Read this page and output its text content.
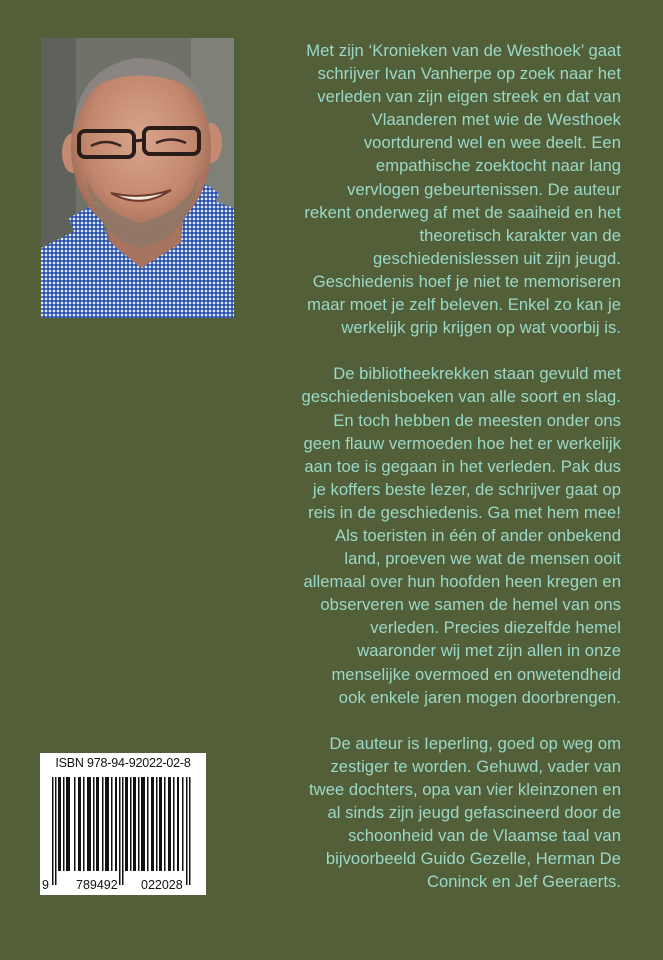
Met zijn ‘Kronieken van de Westhoek’ gaat
schrijver Ivan Vanherpe op zoek naar het
verleden van zijn eigen streek en dat van
Vlaanderen met wie de Westhoek
voortdurend wel en wee deelt. Een
empathische zoektocht naar lang
vervlogen gebeurtenissen. De auteur
rekent onderweg af met de saaiheid en het
theoretisch karakter van de
geschiedenislessen uit zijn jeugd.
Geschiedenis hoef je niet te memoriseren
maar moet je zelf beleven. Enkel zo kan je
werkelijk grip krijgen op wat voorbij is.

De bibliotheekrekken staan gevuld met
geschiedenisboeken van alle soort en slag.
En toch hebben de meesten onder ons
geen flauw vermoeden hoe het er werkelijk
aan toe is gegaan in het verleden. Pak dus
je koffers beste lezer, de schrijver gaat op
reis in de geschiedenis. Ga met hem mee!
Als toeristen in één of ander onbekend
land, proeven we wat de mensen ooit
allemaal over hun hoofden heen kregen en
observeren we samen de hemel van ons
verleden. Precies diezelfde hemel
waaronder wij met zijn allen in onze
menselijke overmoed en onwetendheid
ook enkele jaren mogen doorbrengen.

De auteur is Ieperling, goed op weg om
zestiger te worden. Gehuwd, vader van
twee dochters, opa van vier kleinzonen en
al sinds zijn jeugd gefascineerd door de
schoonheid van de Vlaamse taal van
bijvoorbeeld Guido Gezelle, Herman De
Coninck en Jef Geeraerts.

ISBN 978-94-92022-02-8
9 789492 022028
